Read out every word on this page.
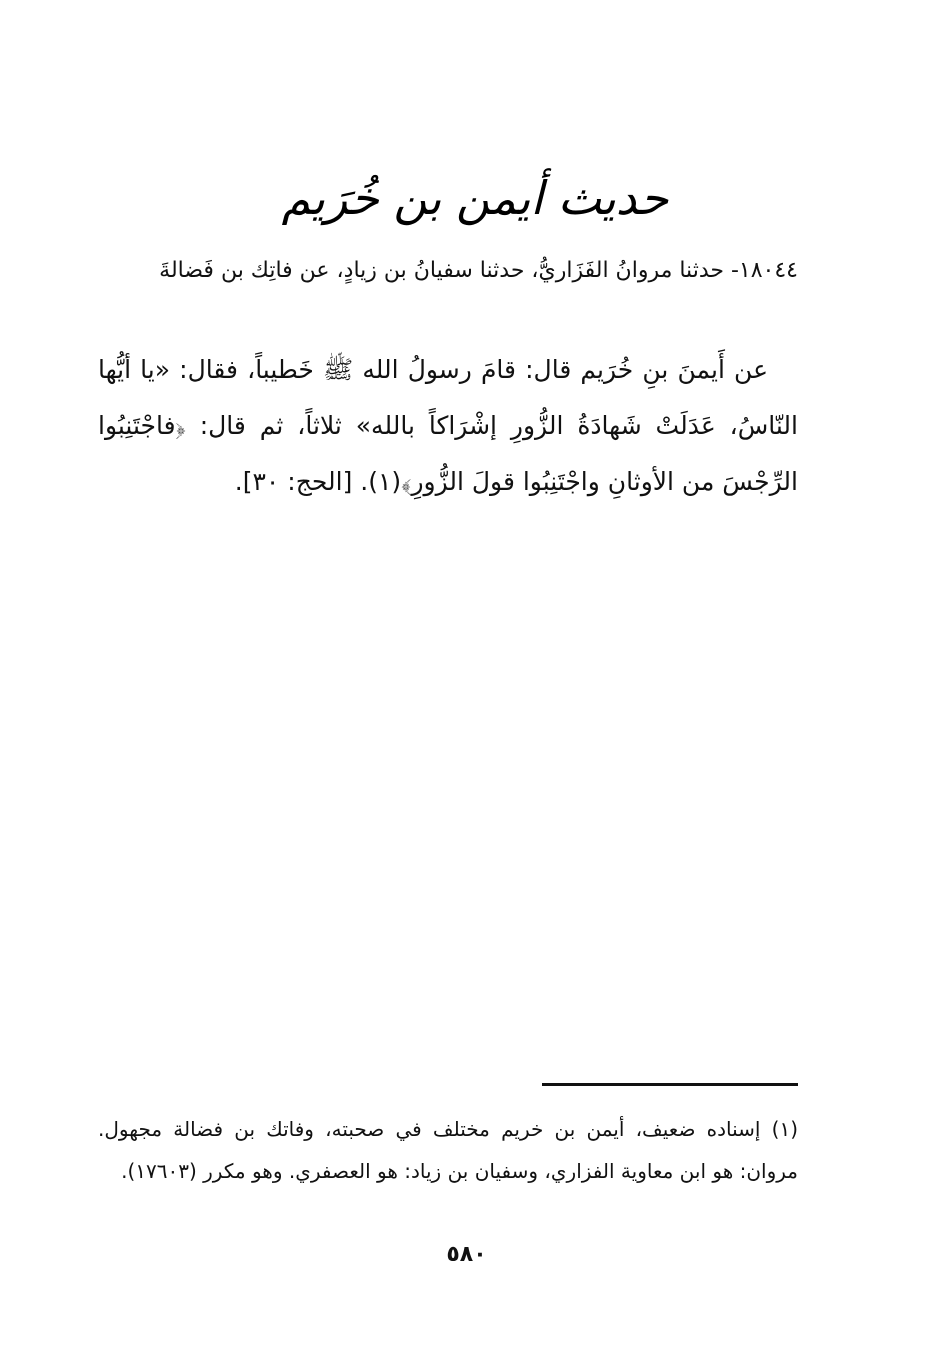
حديث أيمن بن خُرَيم
١٨٠٤٤- حدثنا مروانُ الفَزَاريُّ، حدثنا سفيانُ بن زيادٍ، عن فاتِك بن فَضالةَ
عن أَيمنَ بنِ خُرَيم قال: قامَ رسولُ الله ﷺ خَطيباً، فقال: «يا أيُّها النّاسُ، عَدَلَتْ شَهادَةُ الزُّورِ إشْرَاكاً بالله» ثلاثاً، ثم قال: ﴿فاجْتَنِبُوا الرِّجْسَ من الأوثانِ واجْتَنِبُوا قولَ الزُّورِ﴾(١). [الحج: ٣٠].
(١) إسناده ضعيف، أيمن بن خريم مختلف في صحبته، وفاتك بن فضالة مجهول. مروان: هو ابن معاوية الفزاري، وسفيان بن زياد: هو العصفري. وهو مكرر (١٧٦٠٣).
٥٨٠
